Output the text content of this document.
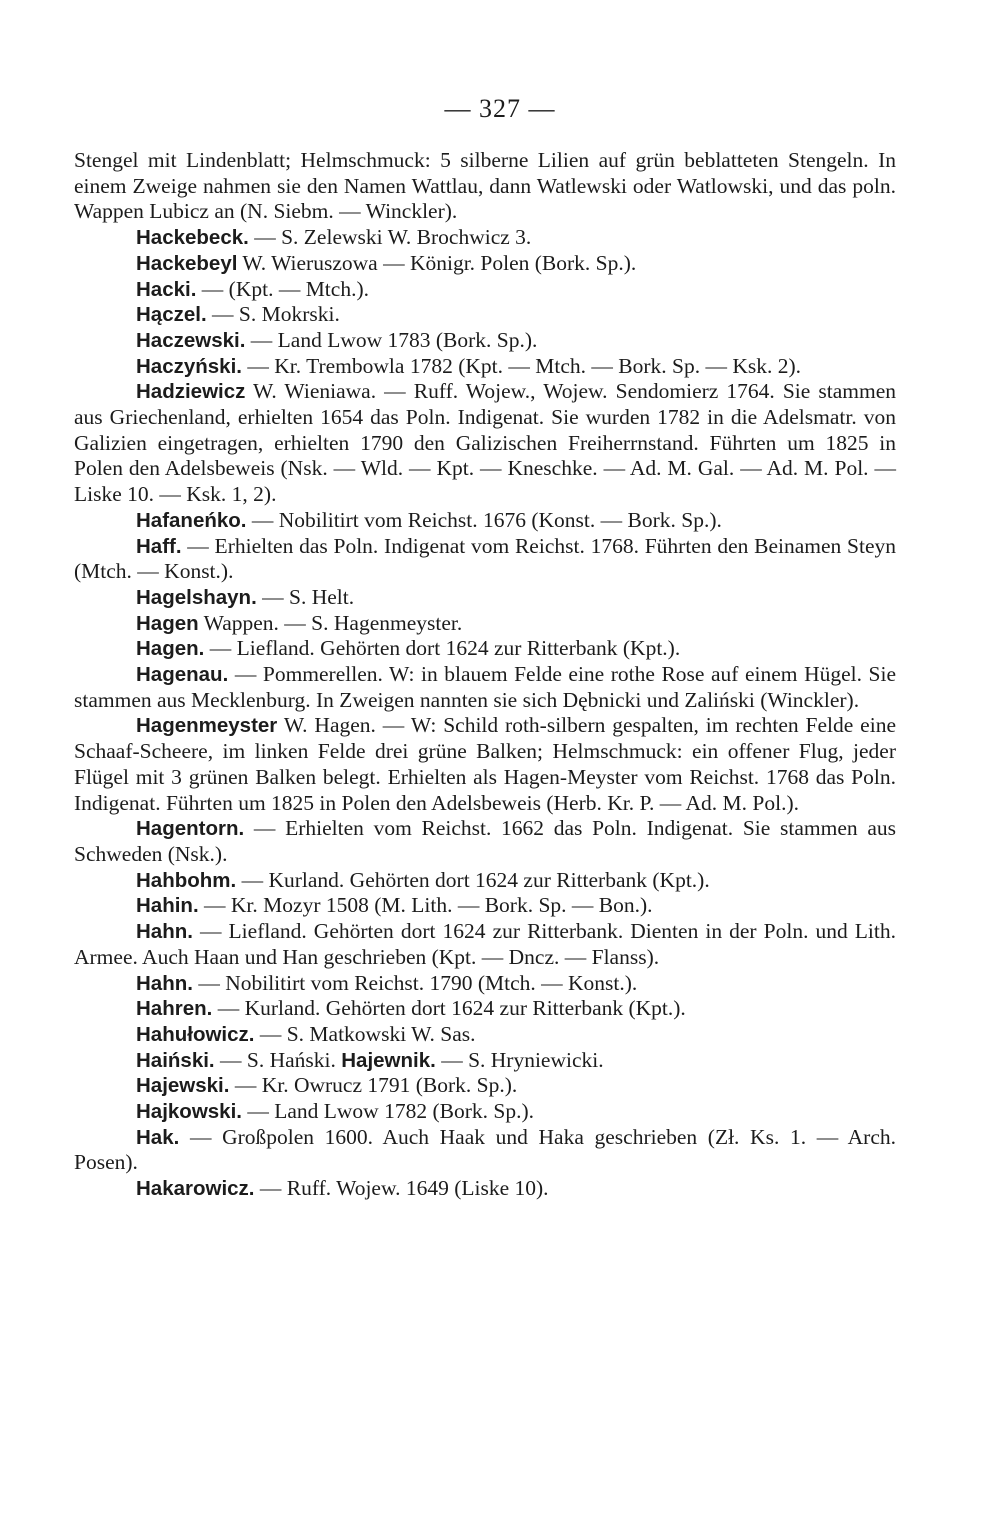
— 327 —

Stengel mit Lindenblatt; Helmschmuck: 5 silberne Lilien auf grün beblatteten Stengeln. In einem Zweige nahmen sie den Namen Wattlau, dann Watlewski oder Watlowski, und das poln. Wappen Lubicz an (N. Siebm. — Winckler).

Hackebeck. — S. Zelewski W. Brochwicz 3.

Hackebeyl W. Wieruszowa — Königr. Polen (Bork. Sp.).

Hacki. — (Kpt. — Mtch.).

Hączel. — S. Mokrski.

Haczewski. — Land Lwow 1783 (Bork. Sp.).

Haczyński. — Kr. Trembowla 1782 (Kpt. — Mtch. — Bork. Sp. — Ksk. 2).

Hadziewicz W. Wieniawa. — Ruff. Wojew., Wojew. Sendomierz 1764. Sie stammen aus Griechenland, erhielten 1654 das Poln. Indigenat. Sie wurden 1782 in die Adelsmatr. von Galizien eingetragen, erhielten 1790 den Galizischen Freiherrnstand. Führten um 1825 in Polen den Adelsbeweis (Nsk. — Wld. — Kpt. — Kneschke. — Ad. M. Gal. — Ad. M. Pol. — Liske 10. — Ksk. 1, 2).

Hafaneńko. — Nobilitirt vom Reichst. 1676 (Konst. — Bork. Sp.).

Haff. — Erhielten das Poln. Indigenat vom Reichst. 1768. Führten den Beinamen Steyn (Mtch. — Konst.).

Hagelshayn. — S. Helt.

Hagen Wappen. — S. Hagenmeyster.

Hagen. — Liefland. Gehörten dort 1624 zur Ritterbank (Kpt.).

Hagenau. — Pommerellen. W: in blauem Felde eine rothe Rose auf einem Hügel. Sie stammen aus Mecklenburg. In Zweigen nannten sie sich Dębnicki und Zaliński (Winckler).

Hagenmeyster W. Hagen. — W: Schild roth-silbern gespalten, im rechten Felde eine Schaaf-Scheere, im linken Felde drei grüne Balken; Helmschmuck: ein offener Flug, jeder Flügel mit 3 grünen Balken belegt. Erhielten als Hagen-Meyster vom Reichst. 1768 das Poln. Indigenat. Führten um 1825 in Polen den Adelsbeweis (Herb. Kr. P. — Ad. M. Pol.).

Hagentorn. — Erhielten vom Reichst. 1662 das Poln. Indigenat. Sie stammen aus Schweden (Nsk.).

Hahbohm. — Kurland. Gehörten dort 1624 zur Ritterbank (Kpt.).

Hahin. — Kr. Mozyr 1508 (M. Lith. — Bork. Sp. — Bon.).

Hahn. — Liefland. Gehörten dort 1624 zur Ritterbank. Dienten in der Poln. und Lith. Armee. Auch Haan und Han geschrieben (Kpt. — Dncz. — Flanss).

Hahn. — Nobilitirt vom Reichst. 1790 (Mtch. — Konst.).

Hahren. — Kurland. Gehörten dort 1624 zur Ritterbank (Kpt.).

Hahułowicz. — S. Matkowski W. Sas.

Haiński. — S. Hański. Hajewnik. — S. Hryniewicki.

Hajewski. — Kr. Owrucz 1791 (Bork. Sp.).

Hajkowski. — Land Lwow 1782 (Bork. Sp.).

Hak. — Großpolen 1600. Auch Haak und Haka geschrieben (Zł. Ks. 1. — Arch. Posen).

Hakarowicz. — Ruff. Wojew. 1649 (Liske 10).
